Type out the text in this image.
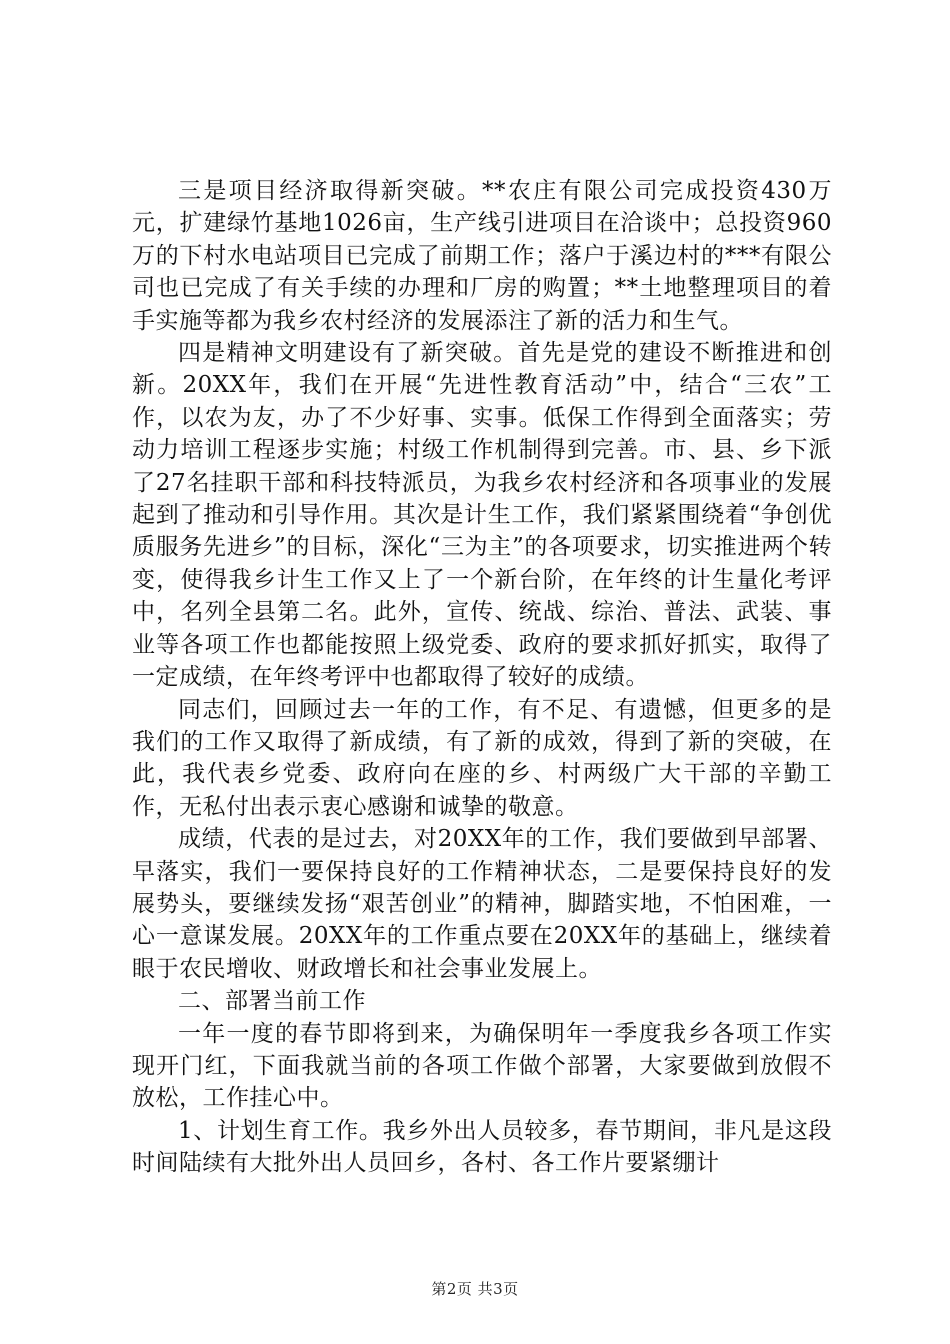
三是项目经济取得新突破。**农庄有限公司完成投资430万元，扩建绿竹基地1026亩，生产线引进项目在洽谈中；总投资960万的下村水电站项目已完成了前期工作；落户于溪边村的***有限公司也已完成了有关手续的办理和厂房的购置；**土地整理项目的着手实施等都为我乡农村经济的发展添注了新的活力和生气。

四是精神文明建设有了新突破。首先是党的建设不断推进和创新。20XX年，我们在开展“先进性教育活动”中，结合“三农”工作，以农为友，办了不少好事、实事。低保工作得到全面落实；劳动力培训工程逐步实施；村级工作机制得到完善。市、县、乡下派了27名挂职干部和科技特派员，为我乡农村经济和各项事业的发展起到了推动和引导作用。其次是计生工作，我们紧紧围绕着“争创优质服务先进乡”的目标，深化“三为主”的各项要求，切实推进两个转变，使得我乡计生工作又上了一个新台阶，在年终的计生量化考评中，名列全县第二名。此外，宣传、统战、综治、普法、武装、事业等各项工作也都能按照上级党委、政府的要求抓好抓实，取得了一定成绩，在年终考评中也都取得了较好的成绩。

同志们，回顾过去一年的工作，有不足、有遗憾，但更多的是我们的工作又取得了新成绩，有了新的成效，得到了新的突破，在此，我代表乡党委、政府向在座的乡、村两级广大干部的辛勤工作，无私付出表示衷心感谢和诚挚的敬意。

成绩，代表的是过去，对20XX年的工作，我们要做到早部署、早落实，我们一要保持良好的工作精神状态，二是要保持良好的发展势头，要继续发扬“艰苦创业”的精神，脚踏实地，不怕困难，一心一意谋发展。20XX年的工作重点要在20XX年的基础上，继续着眼于农民增收、财政增长和社会事业发展上。

二、部署当前工作

一年一度的春节即将到来，为确保明年一季度我乡各项工作实现开门红，下面我就当前的各项工作做个部署，大家要做到放假不放松，工作挂心中。

1、计划生育工作。我乡外出人员较多，春节期间，非凡是这段时间陆续有大批外出人员回乡，各村、各工作片要紧绷计

第2页 共3页
